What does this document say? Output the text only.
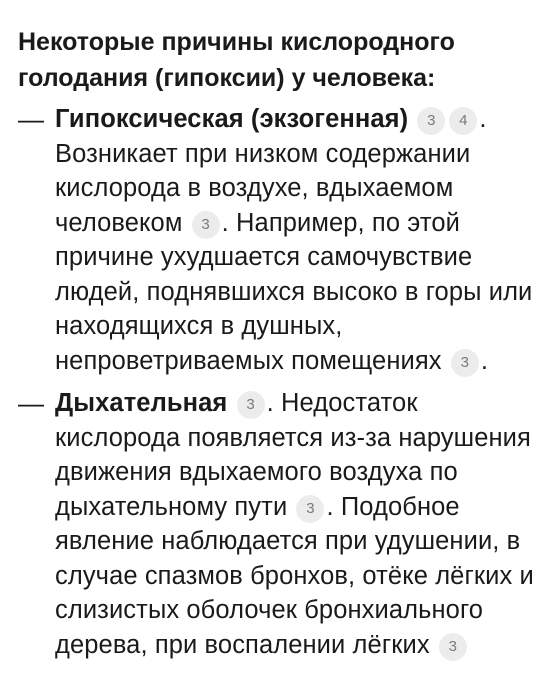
Некоторые причины кислородного голодания (гипоксии) у человека:
— Гипоксическая (экзогенная) 3 4 . Возникает при низком содержании кислорода в воздухе, вдыхаемом человеком 3 . Например, по этой причине ухудшается самочувствие людей, поднявшихся высоко в горы или находящихся в душных, непроветриваемых помещениях 3 .
— Дыхательная 3 . Недостаток кислорода появляется из-за нарушения движения вдыхаемого воздуха по дыхательному пути 3 . Подобное явление наблюдается при удушении, в случае спазмов бронхов, отёке лёгких и слизистых оболочек бронхиального дерева, при воспалении лёгких 3
